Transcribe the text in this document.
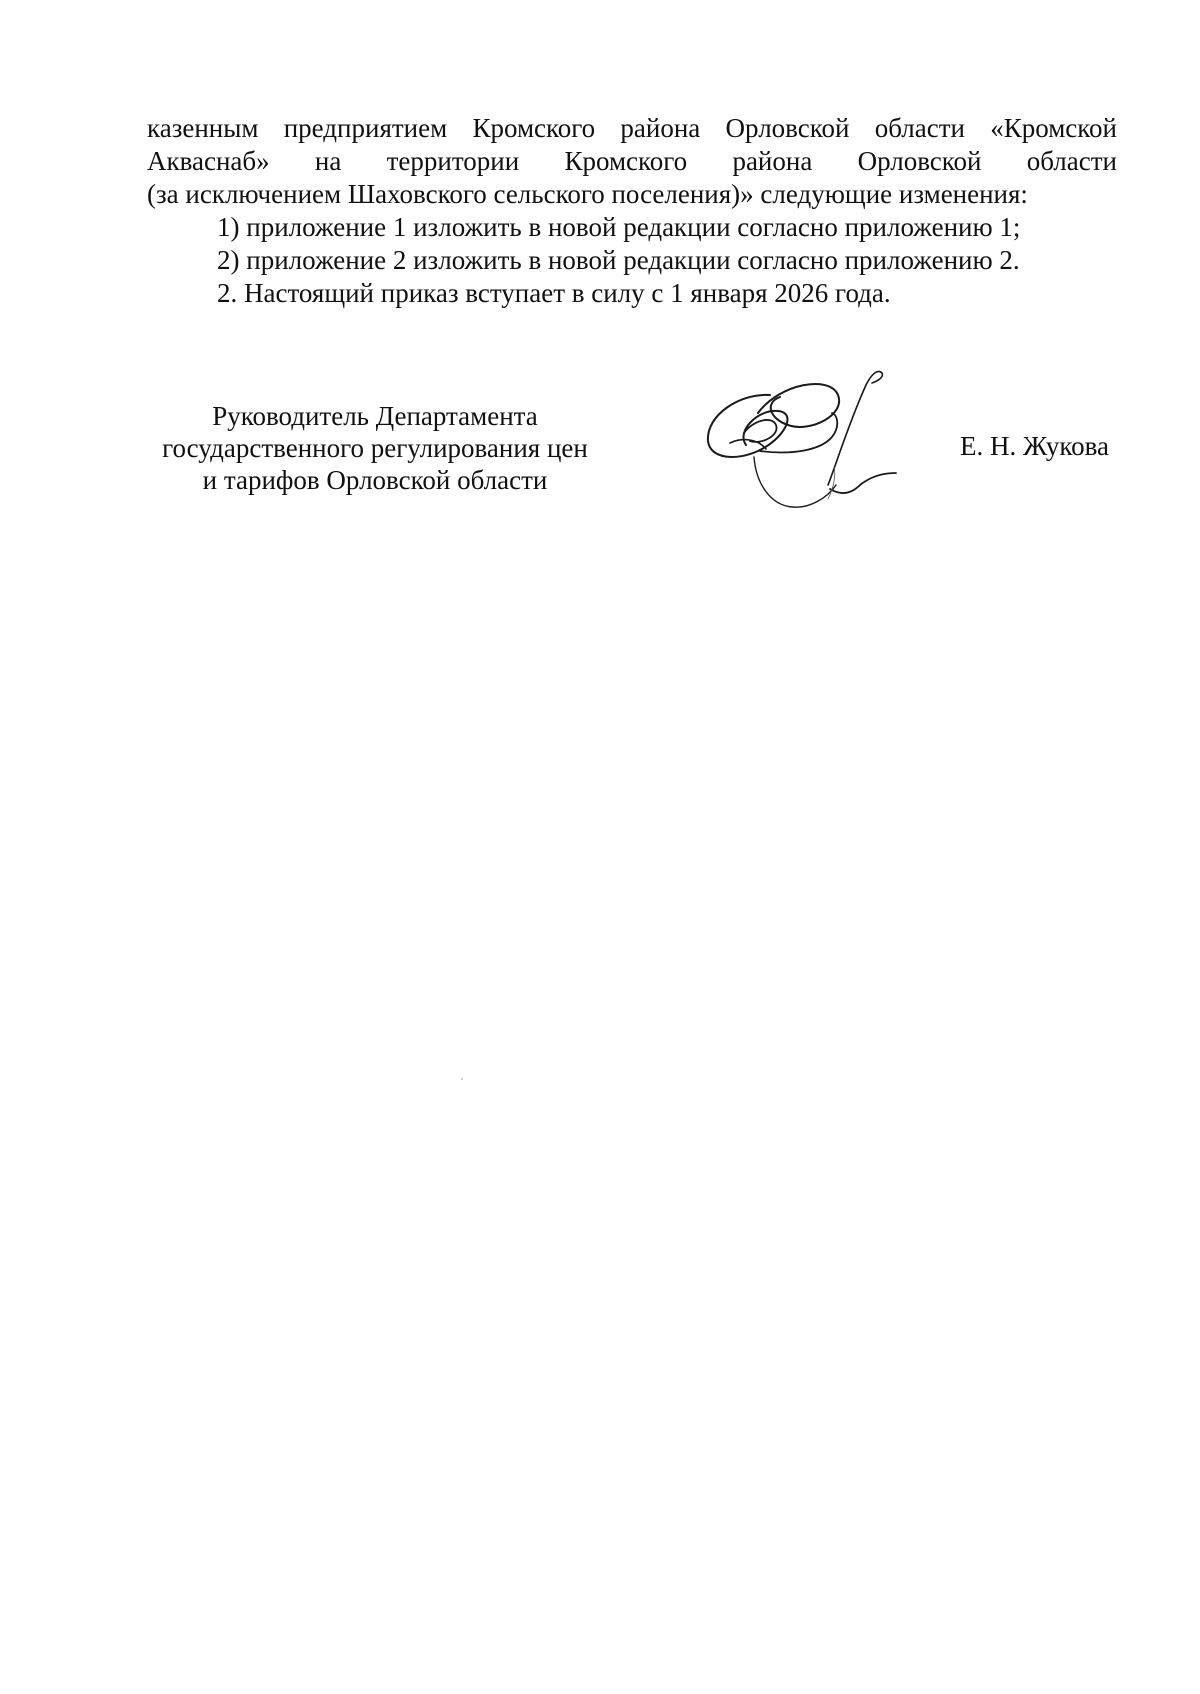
казенным предприятием Кромского района Орловской области «Кромской
Акваснаб» на территории Кромского района Орловской области
(за исключением Шаховского сельского поселения)» следующие изменения:
1) приложение 1 изложить в новой редакции согласно приложению 1;
2) приложение 2 изложить в новой редакции согласно приложению 2.
2. Настоящий приказ вступает в силу с 1 января 2026 года.
Руководитель Департамента
государственного регулирования цен
и тарифов Орловской области
Е. Н. Жукова
